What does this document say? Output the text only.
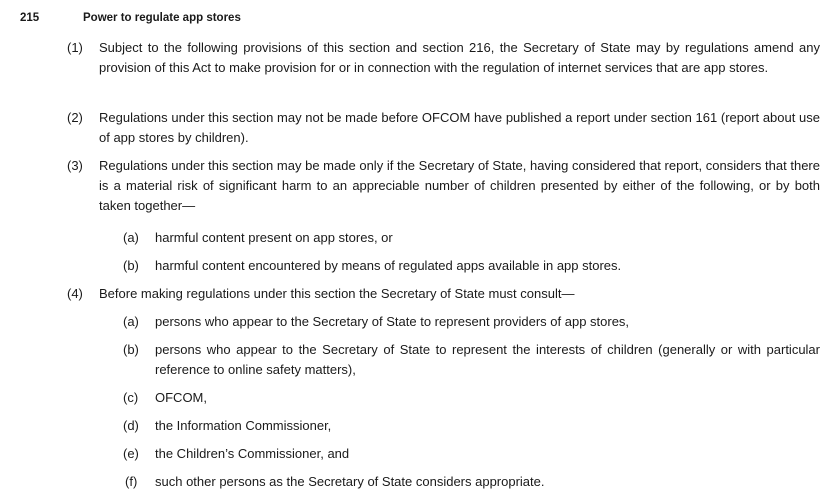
215	Power to regulate app stores
(1) Subject to the following provisions of this section and section 216, the Secretary of State may by regulations amend any provision of this Act to make provision for or in connection with the regulation of internet services that are app stores.
(2) Regulations under this section may not be made before OFCOM have published a report under section 161 (report about use of app stores by children).
(3) Regulations under this section may be made only if the Secretary of State, having considered that report, considers that there is a material risk of significant harm to an appreciable number of children presented by either of the following, or by both taken together—
(a) harmful content present on app stores, or
(b) harmful content encountered by means of regulated apps available in app stores.
(4) Before making regulations under this section the Secretary of State must consult—
(a) persons who appear to the Secretary of State to represent providers of app stores,
(b) persons who appear to the Secretary of State to represent the interests of children (generally or with particular reference to online safety matters),
(c) OFCOM,
(d) the Information Commissioner,
(e) the Children’s Commissioner, and
(f) such other persons as the Secretary of State considers appropriate.
